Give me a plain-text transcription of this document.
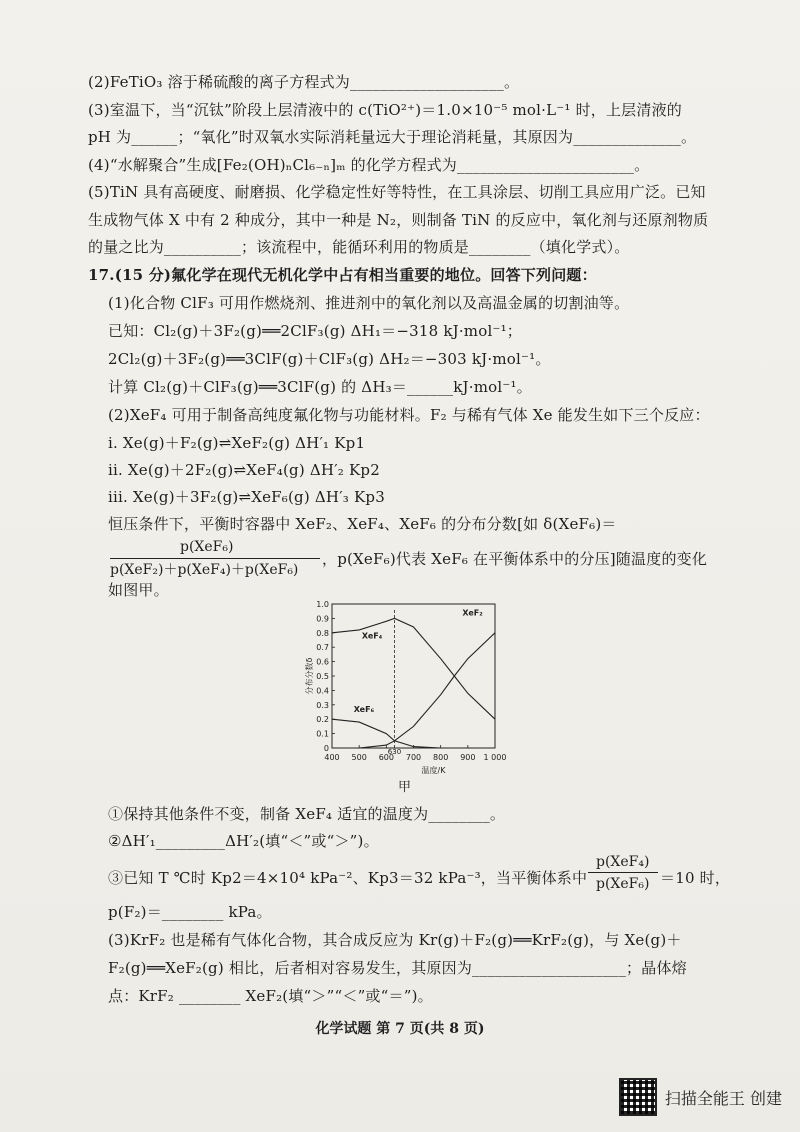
(2)FeTiO₃ 溶于稀硫酸的离子方程式为____________________。
(3)室温下，当“沉钛”阶段上层清液中的 c(TiO²⁺)＝1.0×10⁻⁵ mol·L⁻¹ 时，上层清液的
pH 为______；“氧化”时双氧水实际消耗量远大于理论消耗量，其原因为______________。
(4)“水解聚合”生成[Fe₂(OH)ₙCl₆₋ₙ]ₘ 的化学方程式为_______________________。
(5)TiN 具有高硬度、耐磨损、化学稳定性好等特性，在工具涂层、切削工具应用广泛。已知
生成物气体 X 中有 2 种成分，其中一种是 N₂，则制备 TiN 的反应中，氧化剂与还原剂物质
的量之比为__________；该流程中，能循环利用的物质是________（填化学式）。
17.(15 分)氟化学在现代无机化学中占有相当重要的地位。回答下列问题：
(1)化合物 ClF₃ 可用作燃烧剂、推进剂中的氧化剂以及高温金属的切割油等。
已知：Cl₂(g)＋3F₂(g)══2ClF₃(g) ΔH₁＝−318 kJ·mol⁻¹；
2Cl₂(g)＋3F₂(g)══3ClF(g)＋ClF₃(g) ΔH₂＝−303 kJ·mol⁻¹。
计算 Cl₂(g)＋ClF₃(g)══3ClF(g) 的 ΔH₃＝______kJ·mol⁻¹。
(2)XeF₄ 可用于制备高纯度氟化物与功能材料。F₂ 与稀有气体 Xe 能发生如下三个反应：
i. Xe(g)＋F₂(g)⇌XeF₂(g) ΔH′₁ Kp1
ii. Xe(g)＋2F₂(g)⇌XeF₄(g) ΔH′₂ Kp2
iii. Xe(g)＋3F₂(g)⇌XeF₆(g) ΔH′₃ Kp3
恒压条件下，平衡时容器中 XeF₂、XeF₄、XeF₆ 的分布分数[如 δ(XeF₆)＝
p(XeF₆)
p(XeF₂)＋p(XeF₄)＋p(XeF₆)
，p(XeF₆)代表 XeF₆ 在平衡体系中的分压]随温度的变化
如图甲。
0.1
0.2
0.3
0.4
0.5
0.6
0.7
0.8
0.9
1.0
0
400 500 600 700 800 900 1 000
温度/K
分布分数δ
630
XeF₂
XeF₄
XeF₆
甲
①保持其他条件不变，制备 XeF₄ 适宜的温度为________。
②ΔH′₁_________ΔH′₂(填“＜”或“＞”)。
③已知 T ℃时 Kp2＝4×10⁴ kPa⁻²、Kp3＝32 kPa⁻³，当平衡体系中
p(XeF₄)
p(XeF₆) ＝10 时，
p(F₂)＝________ kPa。
(3)KrF₂ 也是稀有气体化合物，其合成反应为 Kr(g)＋F₂(g)══KrF₂(g)，与 Xe(g)＋
F₂(g)══XeF₂(g) 相比，后者相对容易发生，其原因为____________________；晶体熔
点：KrF₂ ________ XeF₂(填“＞”“＜”或“＝”)。
化学试题 第 7 页(共 8 页)
扫描全能王 创建
